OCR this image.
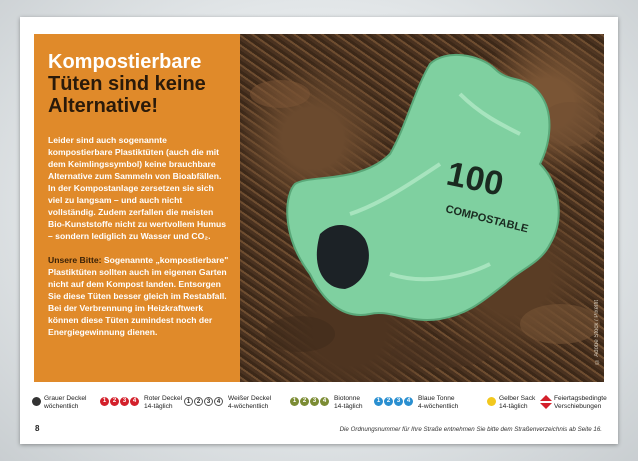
Kompostierbare
Tüten sind keine
Alternative!

Leider sind auch sogenannte kompostierbare Plastiktüten (auch die mit dem Keimlingssymbol) keine brauchbare Alternative zum Sammeln von Bioabfällen. In der Kompostanlage zersetzen sie sich viel zu langsam – und auch nicht vollständig. Zudem zerfallen die meisten Bio-Kunststoffe nicht zu wertvollem Humus – sondern lediglich zu Wasser und CO₂.

Unsere Bitte: Sogenannte „kompostierbare" Plastiktüten sollten auch im eigenen Garten nicht auf dem Kompost landen. Entsorgen Sie diese Tüten besser gleich im Restabfall. Bei der Verbrennung im Heizkraftwerk können diese Tüten zumindest noch der Energiegewinnung dienen.

100
COMPOSTABLE
© Adobe Stock / Pixelfit
Grauer Deckel
wöchentlich
1 2 3 4	Roter Deckel
14-täglich
1 2 3 4	Weißer Deckel
4-wöchentlich
1 2 3 4	Biotonne
14-täglich
1 2 3 4	Blaue Tonne
4-wöchentlich
Gelber Sack
14-täglich
Feiertagsbedingte
Verschiebungen
8	Die Ordnungsnummer für Ihre Straße entnehmen Sie bitte dem Straßenverzeichnis ab Seite 16.
